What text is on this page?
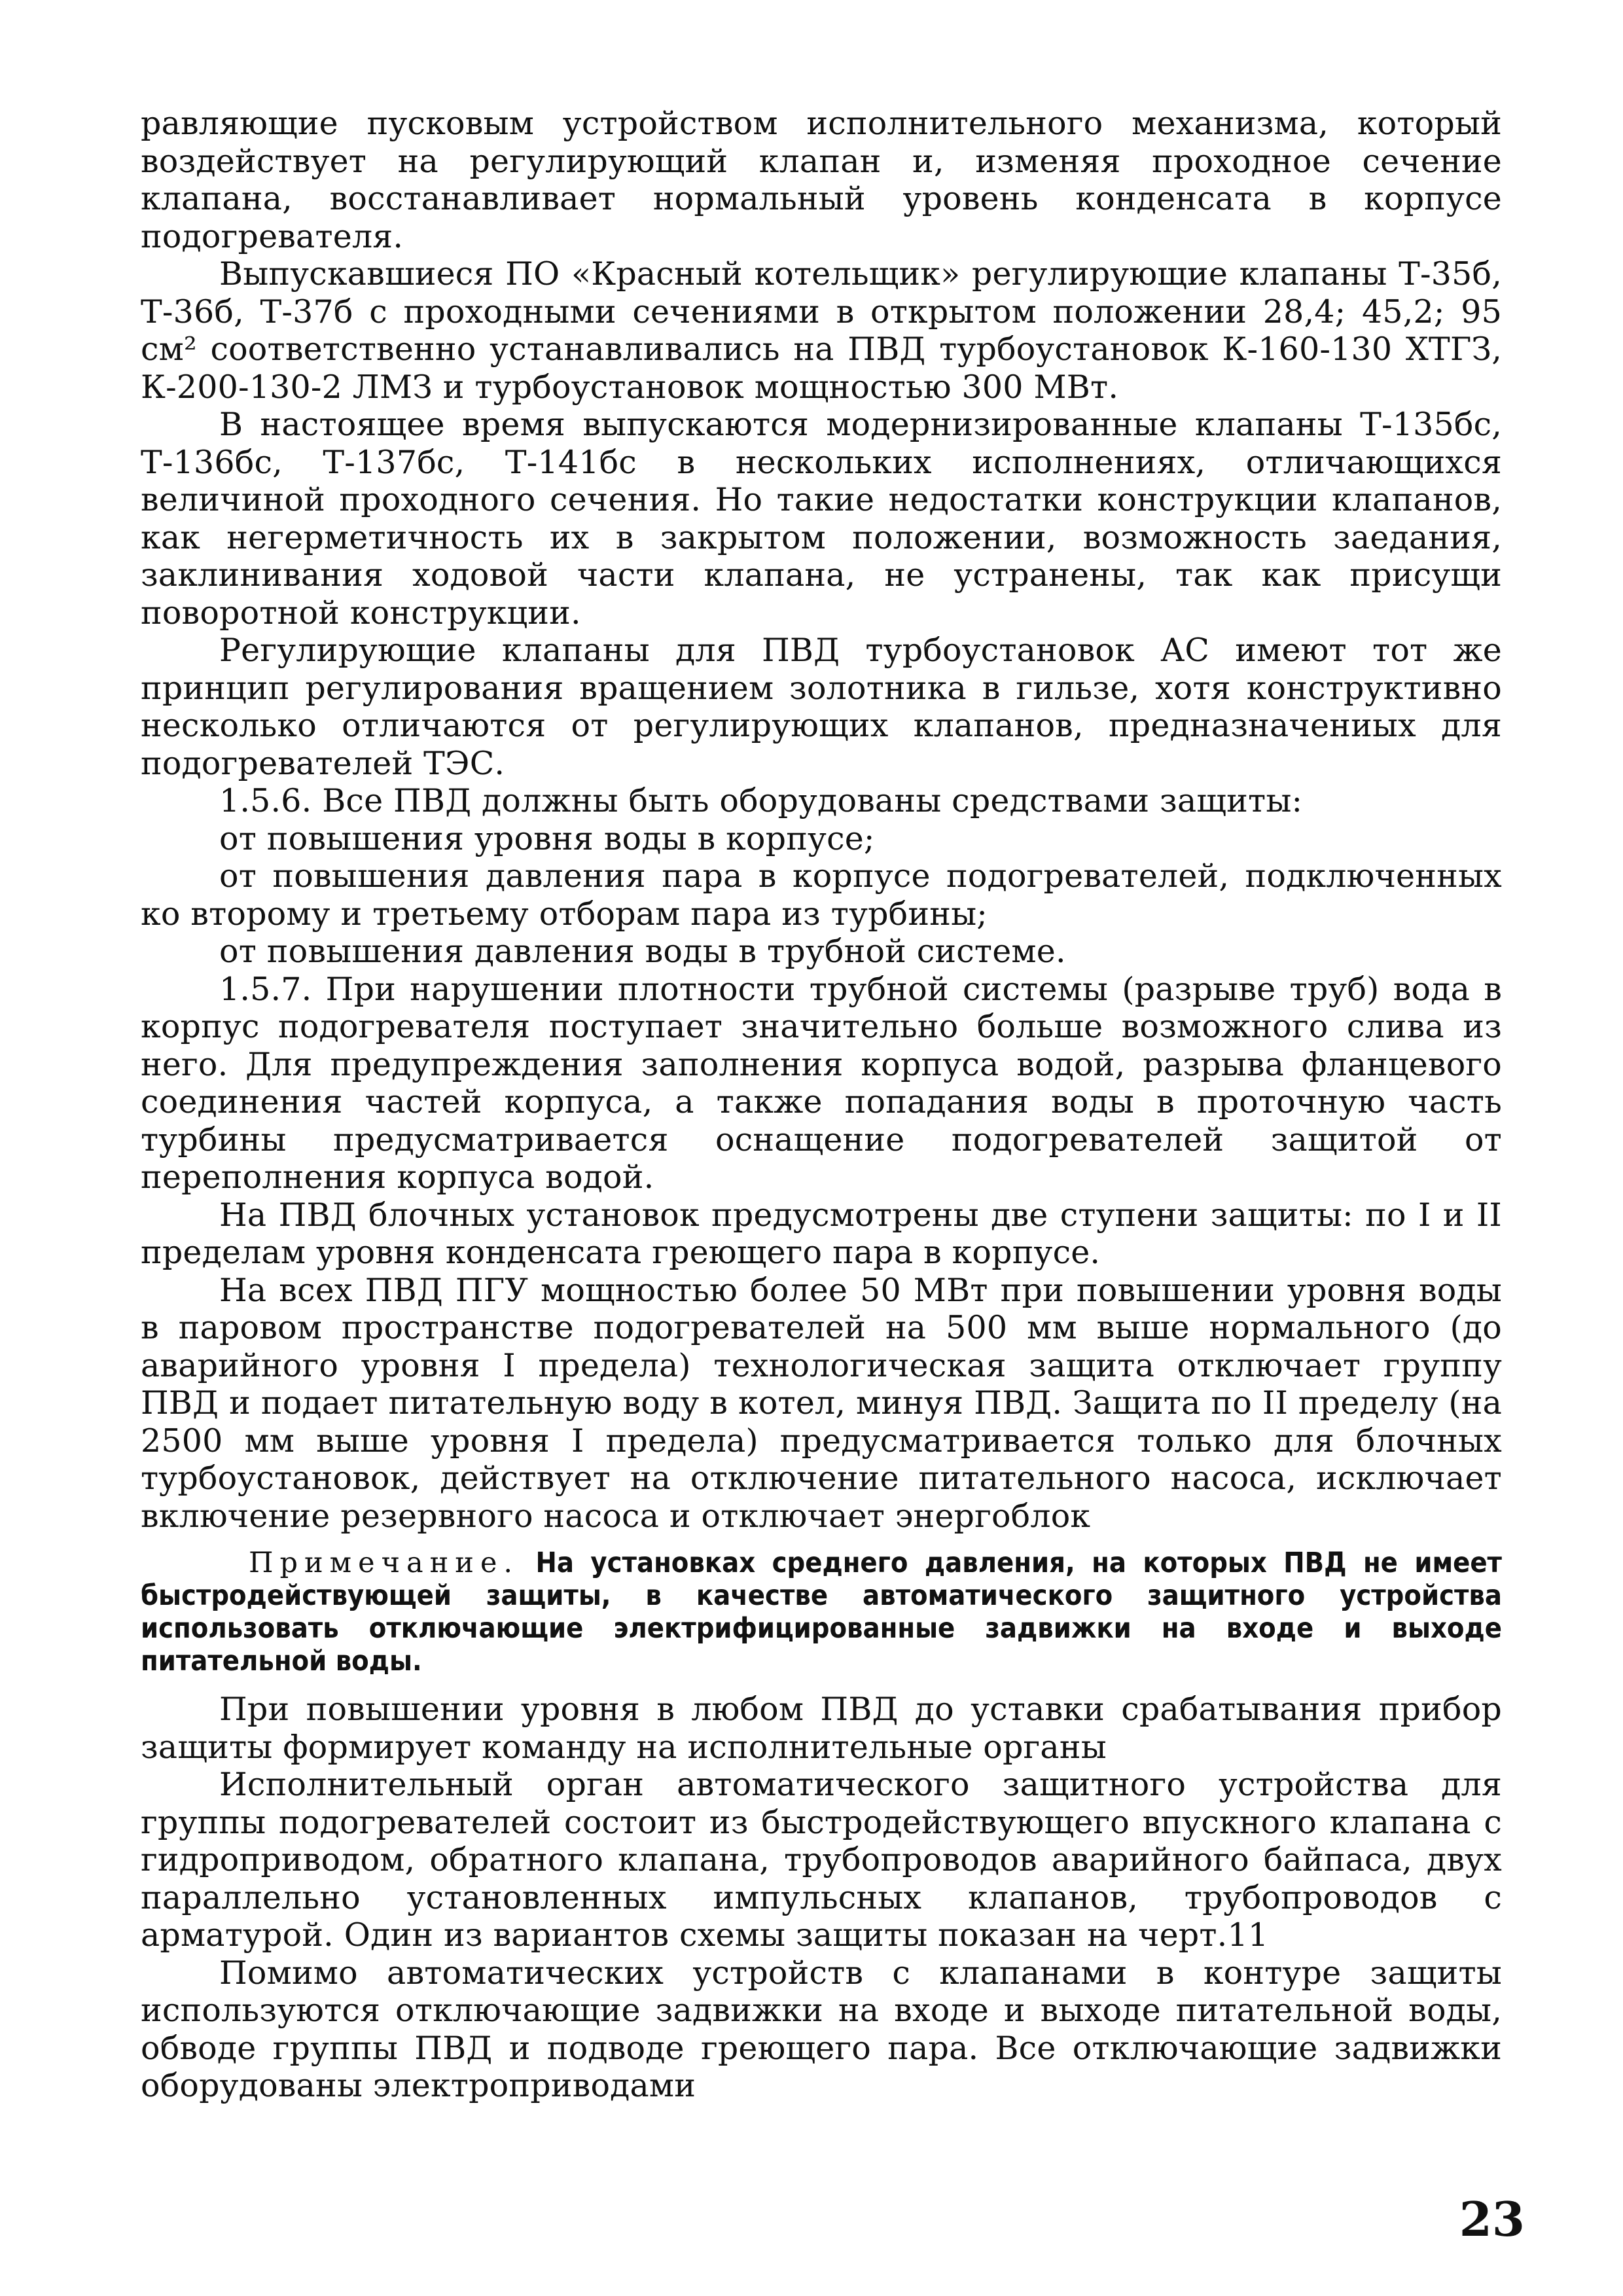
равляющие пусковым устройством исполнительного механизма, который воздействует на регулирующий клапан и, изменяя проходное сечение клапана, восстанавливает нормальный уровень конденсата в корпусе подогревателя.

Выпускавшиеся ПО «Красный котельщик» регулирующие клапаны Т-35б, Т-36б, Т-37б с проходными сечениями в открытом положении 28,4; 45,2; 95 см² соответственно устанавливались на ПВД турбоустановок К-160-130 ХТГЗ, К-200-130-2 ЛМЗ и турбоустановок мощностью 300 МВт.

В настоящее время выпускаются модернизированные клапаны Т-135бс, Т-136бс, Т-137бс, Т-141бс в нескольких исполнениях, отличающихся величиной проходного сечения. Но такие недостатки конструкции клапанов, как негерметичность их в закрытом положении, возможность заедания, заклинивания ходовой части клапана, не устранены, так как присущи поворотной конструкции.

Регулирующие клапаны для ПВД турбоустановок АС имеют тот же принцип регулирования вращением золотника в гильзе, хотя конструктивно несколько отличаются от регулирующих клапанов, предназначениых для подогревателей ТЭС.

1.5.6. Все ПВД должны быть оборудованы средствами защиты:

от повышения уровня воды в корпусе;

от повышения давления пара в корпусе подогревателей, подключенных ко второму и третьему отборам пара из турбины;

от повышения давления воды в трубной системе.

1.5.7. При нарушении плотности трубной системы (разрыве труб) вода в корпус подогревателя поступает значительно больше возможного слива из него. Для предупреждения заполнения корпуса водой, разрыва фланцевого соединения частей корпуса, а также попадания воды в проточную часть турбины предусматривается оснащение подогревателей защитой от переполнения корпуса водой.

На ПВД блочных установок предусмотрены две ступени защиты: по I и II пределам уровня конденсата греющего пара в корпусе.

На всех ПВД ПГУ мощностью более 50 МВт при повышении уровня воды в паровом пространстве подогревателей на 500 мм выше нормального (до аварийного уровня I предела) технологическая защита отключает группу ПВД и подает питательную воду в котел, минуя ПВД. Защита по II пределу (на 2500 мм выше уровня I предела) предусматривается только для блочных турбоустановок, действует на отключение питательного насоса, исключает включение резервного насоса и отключает энергоблок

Примечание. На установках среднего давления, на которых ПВД не имеет быстродействующей защиты, в качестве автоматического защитного устройства использовать отключающие электрифицированные задвижки на входе и выходе питательной воды.

При повышении уровня в любом ПВД до уставки срабатывания прибор защиты формирует команду на исполнительные органы

Исполнительный орган автоматического защитного устройства для группы подогревателей состоит из быстродействующего впускного клапана с гидроприводом, обратного клапана, трубопроводов аварийного байпаса, двух параллельно установленных импульсных клапанов, трубопроводов с арматурой. Один из вариантов схемы защиты показан на черт.11

Помимо автоматических устройств с клапанами в контуре защиты используются отключающие задвижки на входе и выходе питательной воды, обводе группы ПВД и подводе греющего пара. Все отключающие задвижки оборудованы электроприводами

23
